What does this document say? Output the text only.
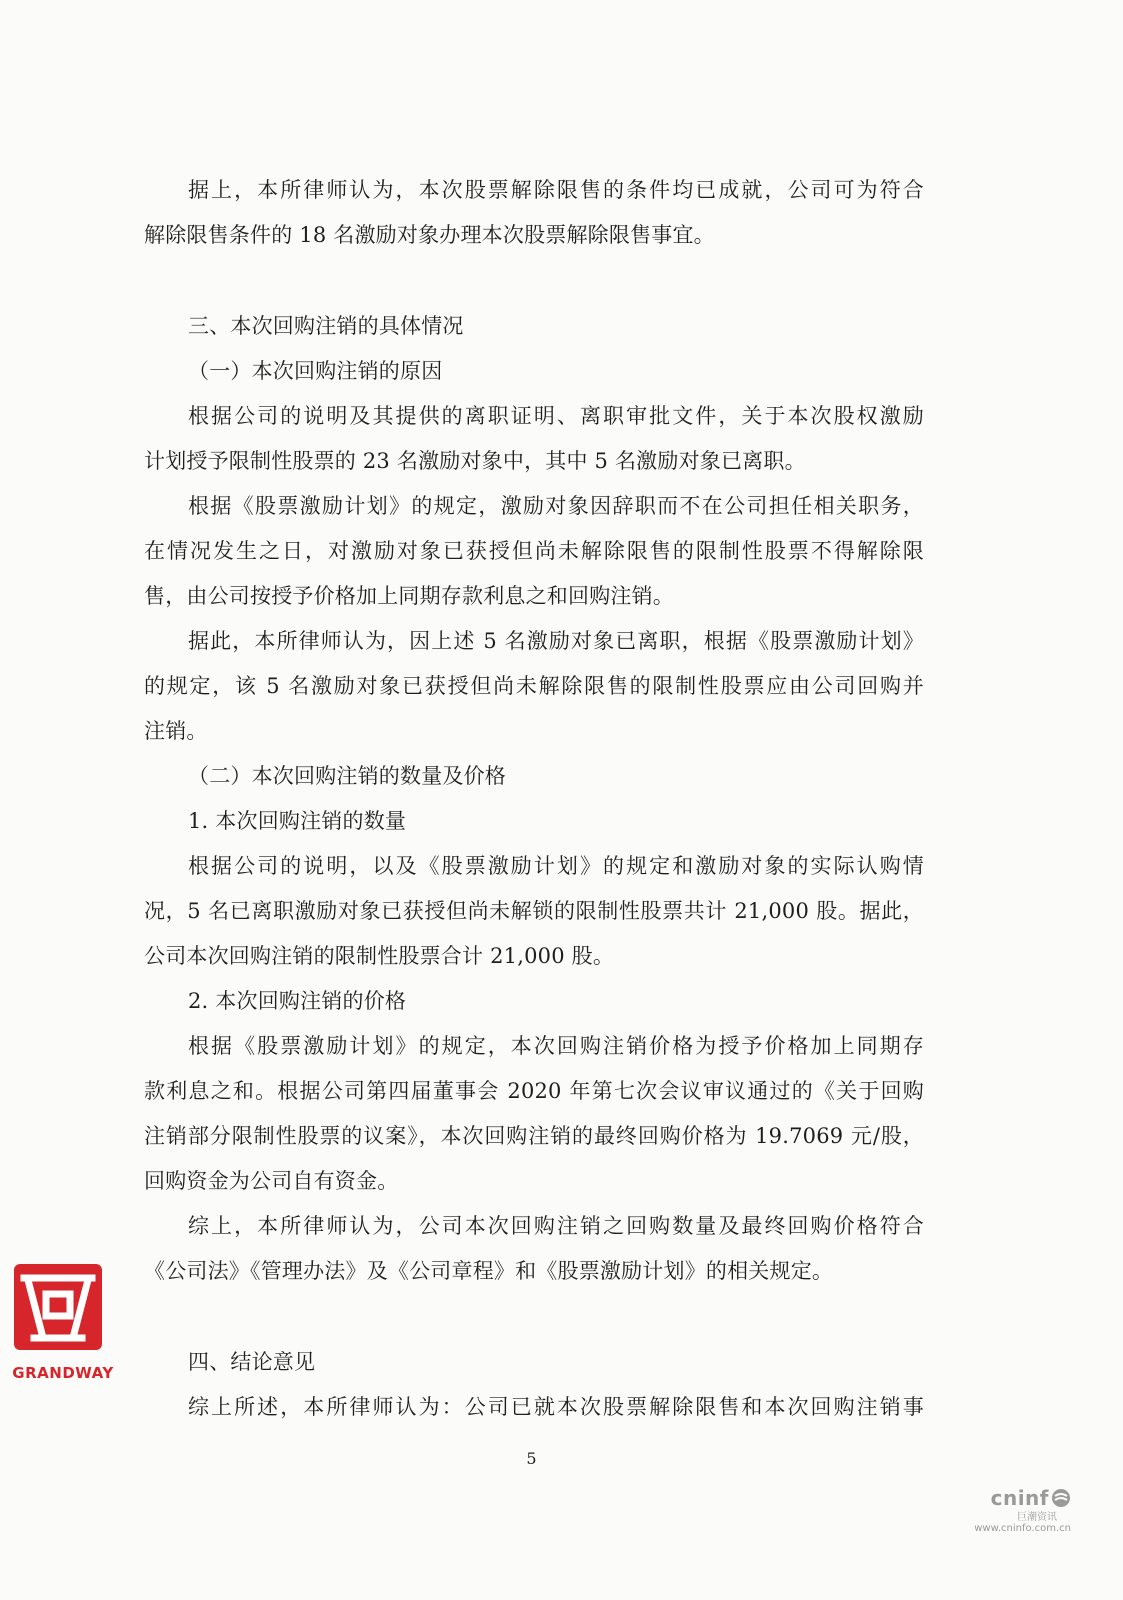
据上，本所律师认为，本次股票解除限售的条件均已成就，公司可为符合
解除限售条件的 18 名激励对象办理本次股票解除限售事宜。
三、本次回购注销的具体情况
（一）本次回购注销的原因
根据公司的说明及其提供的离职证明、离职审批文件，关于本次股权激励
计划授予限制性股票的 23 名激励对象中，其中 5 名激励对象已离职。
根据《股票激励计划》的规定，激励对象因辞职而不在公司担任相关职务，
在情况发生之日，对激励对象已获授但尚未解除限售的限制性股票不得解除限
售，由公司按授予价格加上同期存款利息之和回购注销。
据此，本所律师认为，因上述 5 名激励对象已离职，根据《股票激励计划》
的规定，该 5 名激励对象已获授但尚未解除限售的限制性股票应由公司回购并
注销。
（二）本次回购注销的数量及价格
1. 本次回购注销的数量
根据公司的说明，以及《股票激励计划》的规定和激励对象的实际认购情
况，5 名已离职激励对象已获授但尚未解锁的限制性股票共计 21,000 股。据此，
公司本次回购注销的限制性股票合计 21,000 股。
2. 本次回购注销的价格
根据《股票激励计划》的规定，本次回购注销价格为授予价格加上同期存
款利息之和。根据公司第四届董事会 2020 年第七次会议审议通过的《关于回购
注销部分限制性股票的议案》，本次回购注销的最终回购价格为 19.7069 元/股，
回购资金为公司自有资金。
综上，本所律师认为，公司本次回购注销之回购数量及最终回购价格符合
《公司法》《管理办法》及《公司章程》和《股票激励计划》的相关规定。
四、结论意见
综上所述，本所律师认为：公司已就本次股票解除限售和本次回购注销事
5
GRANDWAY
cninf
巨潮资讯
www.cninfo.com.cn
